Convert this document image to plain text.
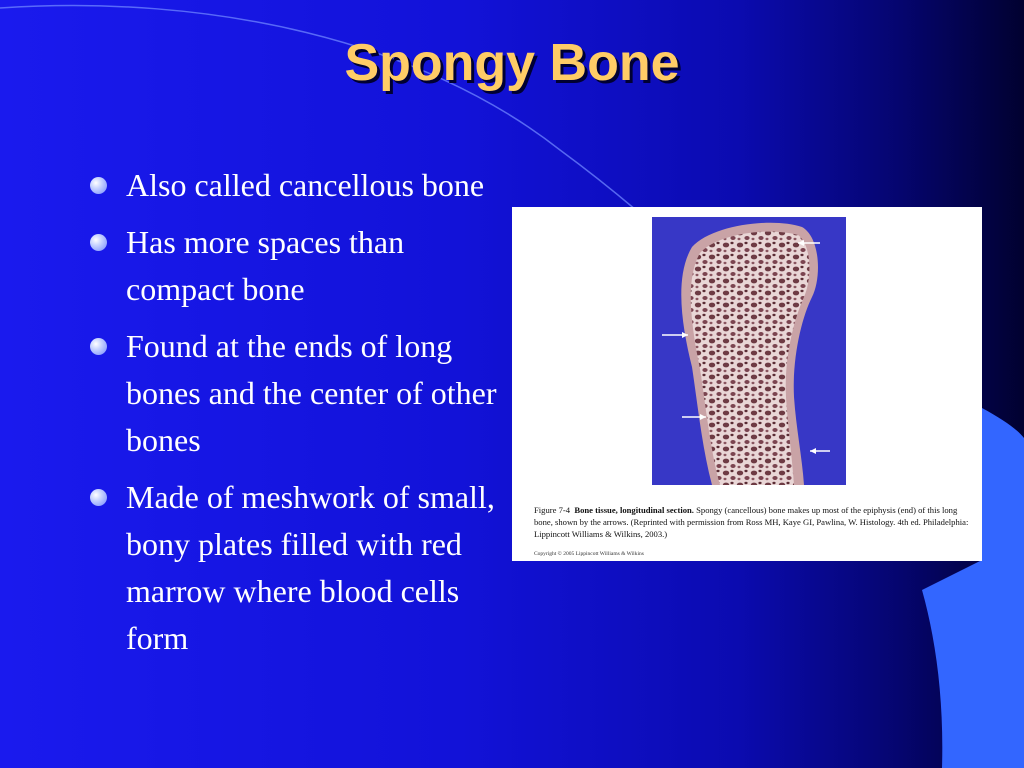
Spongy Bone
Also called cancellous bone
Has more spaces than compact bone
Found at the ends of long bones and the center of other bones
Made of meshwork of small, bony plates filled with red marrow where blood cells form
Figure 7-4 Bone tissue, longitudinal section. Spongy (cancellous) bone makes up most of the epiphysis (end) of this long bone, shown by the arrows. (Reprinted with permission from Ross MH, Kaye GI, Pawlina, W. Histology. 4th ed. Philadelphia: Lippincott Williams & Wilkins, 2003.)
Copyright © 2005 Lippincott Williams & Wilkins
